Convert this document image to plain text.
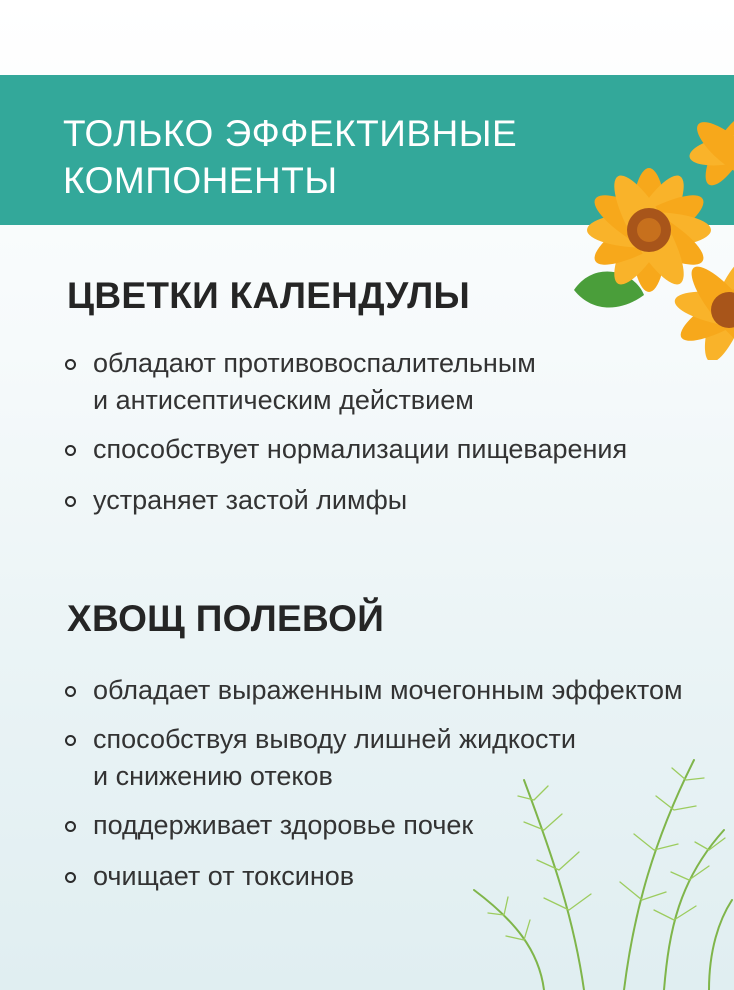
ТОЛЬКО ЭФФЕКТИВНЫЕ
КОМПОНЕНТЫ
ЦВЕТКИ КАЛЕНДУЛЫ
обладают противовоспалительным
и антисептическим действием
способствует нормализации пищеварения
устраняет застой лимфы
ХВОЩ ПОЛЕВОЙ
обладает выраженным мочегонным эффектом
способствуя выводу лишней жидкости
и снижению отеков
поддерживает здоровье почек
очищает от токсинов
